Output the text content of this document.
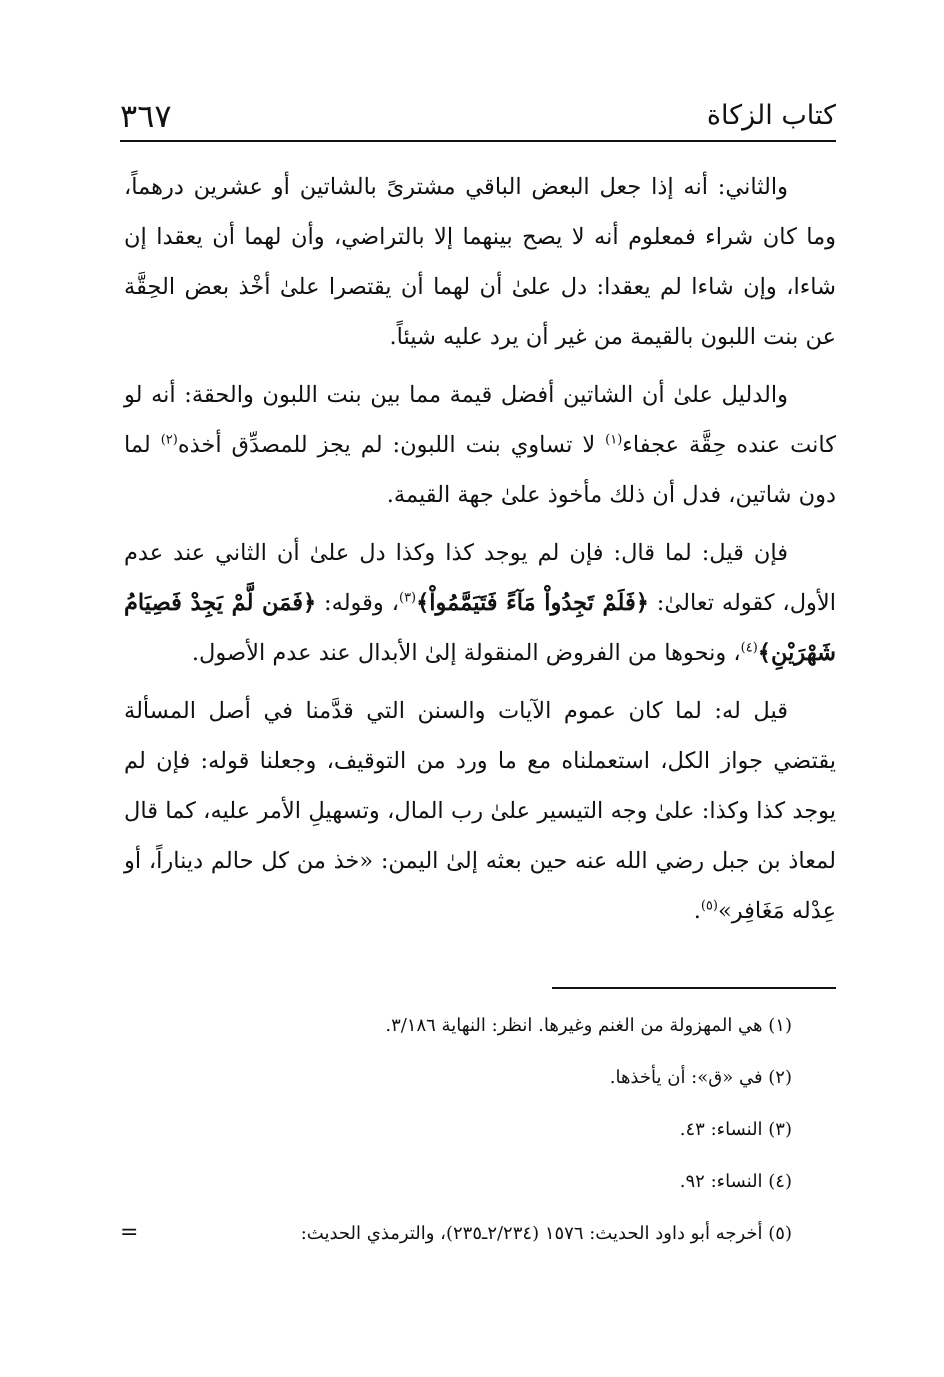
كتاب الزكاة
٣٦٧

والثاني: أنه إذا جعل البعض الباقي مشترىً بالشاتين أو عشرين درهماً، وما كان شراء فمعلوم أنه لا يصح بينهما إلا بالتراضي، وأن لهما أن يعقدا إن شاءا، وإن شاءا لم يعقدا: دل علىٰ أن لهما أن يقتصرا علىٰ أخْذ بعض الحِقَّة عن بنت اللبون بالقيمة من غير أن يرد عليه شيئاً.

والدليل علىٰ أن الشاتين أفضل قيمة مما بين بنت اللبون والحقة: أنه لو كانت عنده حِقَّة عجفاء$^{(١)}$ لا تساوي بنت اللبون: لم يجز للمصدِّق أخذه$^{(٢)}$ لما دون شاتين، فدل أن ذلك مأخوذ علىٰ جهة القيمة.

فإن قيل: لما قال: فإن لم يوجد كذا وكذا دل علىٰ أن الثاني عند عدم الأول، كقوله تعالىٰ: ﴿فَلَمْ تَجِدُواْ مَآءً فَتَيَمَّمُواْ﴾$^{(٣)}$، وقوله: ﴿فَمَن لَّمْ يَجِدْ فَصِيَامُ شَهْرَيْنِ﴾$^{(٤)}$، ونحوها من الفروض المنقولة إلىٰ الأبدال عند عدم الأصول.

قيل له: لما كان عموم الآيات والسنن التي قدَّمنا في أصل المسألة يقتضي جواز الكل، استعملناه مع ما ورد من التوقيف، وجعلنا قوله: فإن لم يوجد كذا وكذا: علىٰ وجه التيسير علىٰ رب المال، وتسهيلِ الأمر عليه، كما قال لمعاذ بن جبل رضي الله عنه حين بعثه إلىٰ اليمن: «خذ من كل حالم ديناراً، أو عِدْله مَغَافِر»$^{(٥)}$.

(١) هي المهزولة من الغنم وغيرها. انظر: النهاية ٣/١٨٦.

(٢) في «ق»: أن يأخذها.

(٣) النساء: ٤٣.

(٤) النساء: ٩٢.

(٥) أخرجه أبو داود الحديث: ١٥٧٦ (٢/٢٣٤ـ٢٣٥)، والترمذي الحديث:

=
